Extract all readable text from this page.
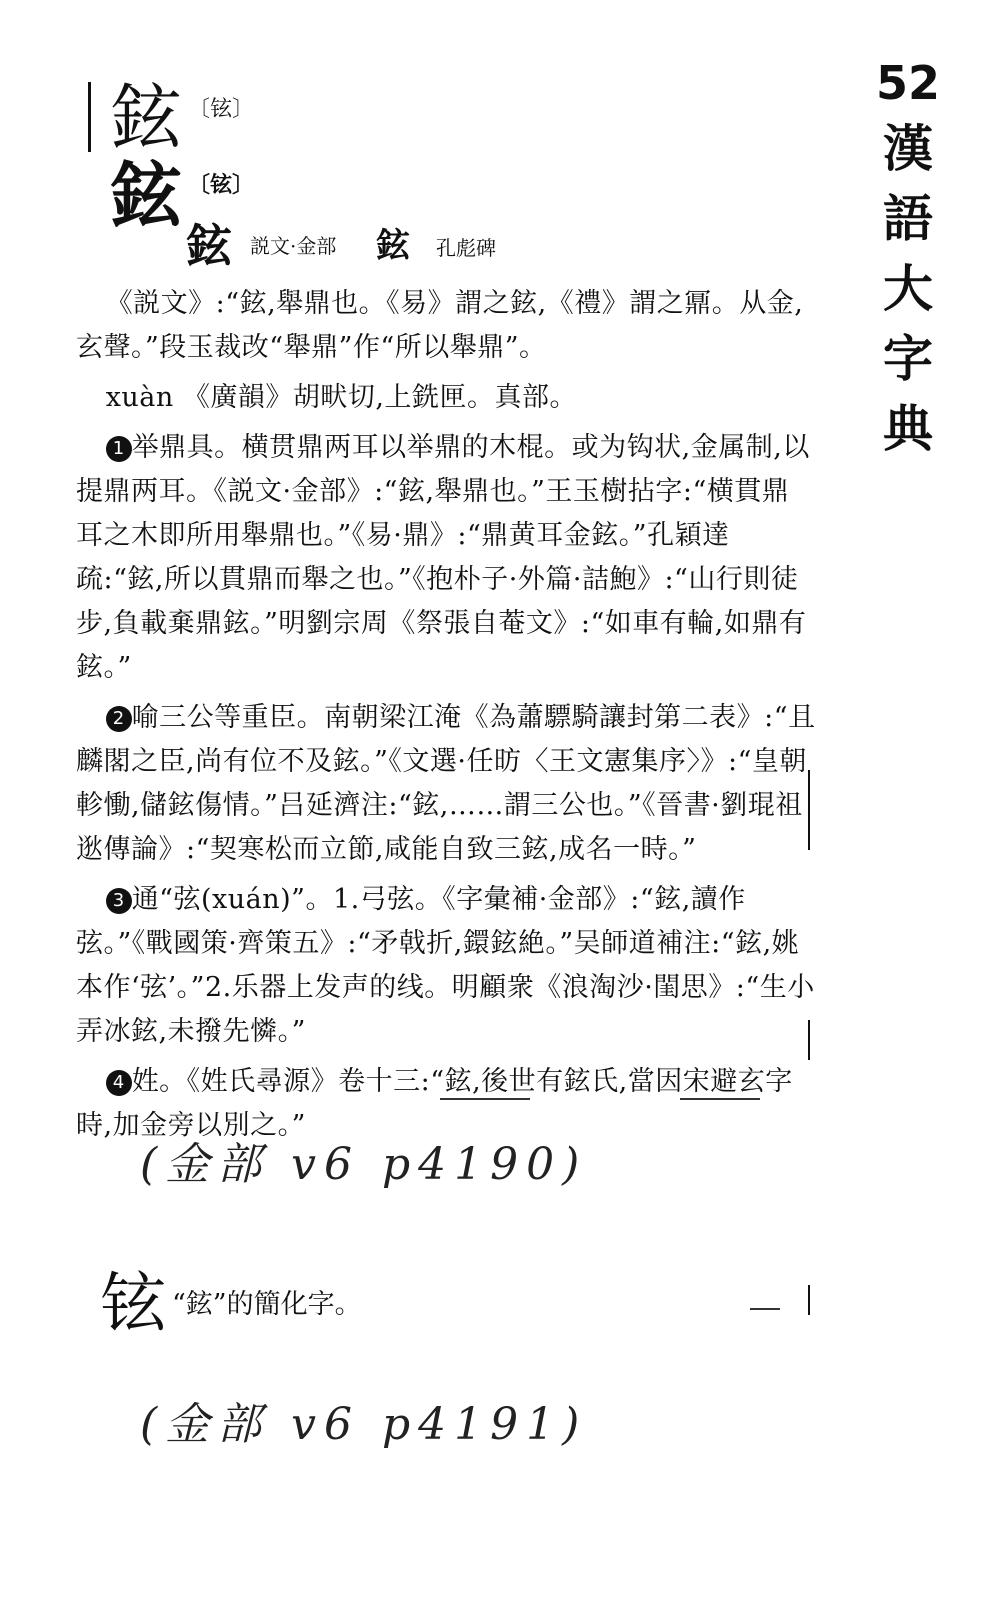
52
漢
語
大
字
典
鉉 〔铉〕
鉉 〔铉〕
鉉 説文·金部 鉉 孔彪碑

《説文》:“鉉,舉鼎也。《易》謂之鉉,《禮》謂之鼏。从金,玄聲。”段玉裁改“舉鼎”作“所以舉鼎”。

xuàn 《廣韻》胡畎切,上銑匣。真部。

1 举鼎具。横贯鼎两耳以举鼎的木棍。或为钩状,金属制,以提鼎两耳。《説文·金部》:“鉉,舉鼎也。”王玉樹拈字:“横貫鼎耳之木即所用舉鼎也。”《易·鼎》:“鼎黄耳金鉉。”孔穎達疏:“鉉,所以貫鼎而舉之也。”《抱朴子·外篇·詰鮑》:“山行則徒步,負載棄鼎鉉。”明劉宗周《祭張自菴文》:“如車有輪,如鼎有鉉。”

2 喻三公等重臣。南朝梁江淹《為蕭驃騎讓封第二表》:“且麟閣之臣,尚有位不及鉉。”《文選·任昉〈王文憲集序〉》:“皇朝軫慟,儲鉉傷情。”吕延濟注:“鉉,……謂三公也。”《晉書·劉琨祖逖傳論》:“契寒松而立節,咸能自致三鉉,成名一時。”

3 通“弦(xuán)”。1.弓弦。《字彙補·金部》:“鉉,讀作弦。”《戰國策·齊策五》:“矛戟折,鐶鉉絶。”吴師道補注:“鉉,姚本作‘弦’。”2.乐器上发声的线。明顧衆《浪淘沙·閨思》:“生小弄冰鉉,未撥先憐。”

4 姓。《姓氏尋源》卷十三:“鉉,後世有鉉氏,當因宋避玄字時,加金旁以別之。”

(金部 v6 p4190)
铉 “鉉”的簡化字。
(金部 v6 p4191)
